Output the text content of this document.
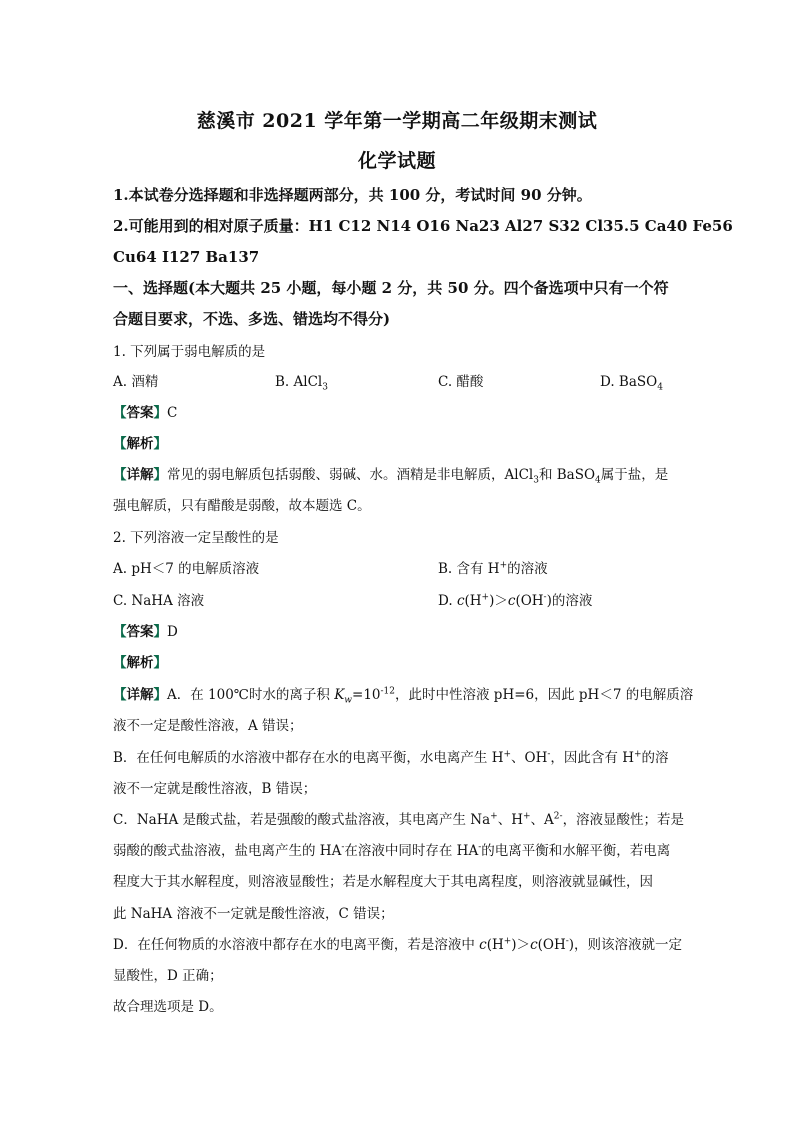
慈溪市 2021 学年第一学期高二年级期末测试
化学试题
1.本试卷分选择题和非选择题两部分，共 100 分，考试时间 90 分钟。
2.可能用到的相对原子质量：H1 C12 N14 O16 Na23 Al27 S32 Cl35.5 Ca40 Fe56
Cu64 I127 Ba137
一、选择题(本大题共 25 小题，每小题 2 分，共 50 分。四个备选项中只有一个符
合题目要求，不选、多选、错选均不得分)
1. 下列属于弱电解质的是
A. 酒精	B. AlCl$_3$	C. 醋酸	D. BaSO$_4$
【答案】C
【解析】
【详解】常见的弱电解质包括弱酸、弱碱、水。酒精是非电解质，AlCl$_3$和 BaSO$_4$属于盐，是
强电解质，只有醋酸是弱酸，故本题选 C。
2. 下列溶液一定呈酸性的是
A. pH＜7 的电解质溶液	B. 含有 H+的溶液
C. NaHA 溶液	D. c(H+)＞c(OH-)的溶液
【答案】D
【解析】
【详解】A．在 100℃时水的离子积 $K_w=10^{-12}$，此时中性溶液 pH=6，因此 pH＜7 的电解质溶
液不一定是酸性溶液，A 错误；
B．在任何电解质的水溶液中都存在水的电离平衡，水电离产生 H+、OH-，因此含有 H+的溶
液不一定就是酸性溶液，B 错误；
C．NaHA 是酸式盐，若是强酸的酸式盐溶液，其电离产生 Na+、H+、$A^{2-}$，溶液显酸性；若是
弱酸的酸式盐溶液，盐电离产生的 HA-在溶液中同时存在 HA-的电离平衡和水解平衡，若电离
程度大于其水解程度，则溶液显酸性；若是水解程度大于其电离程度，则溶液就显碱性，因
此 NaHA 溶液不一定就是酸性溶液，C 错误；
D．在任何物质的水溶液中都存在水的电离平衡，若是溶液中 c(H+)＞c(OH-)，则该溶液就一定
显酸性，D 正确；
故合理选项是 D。
